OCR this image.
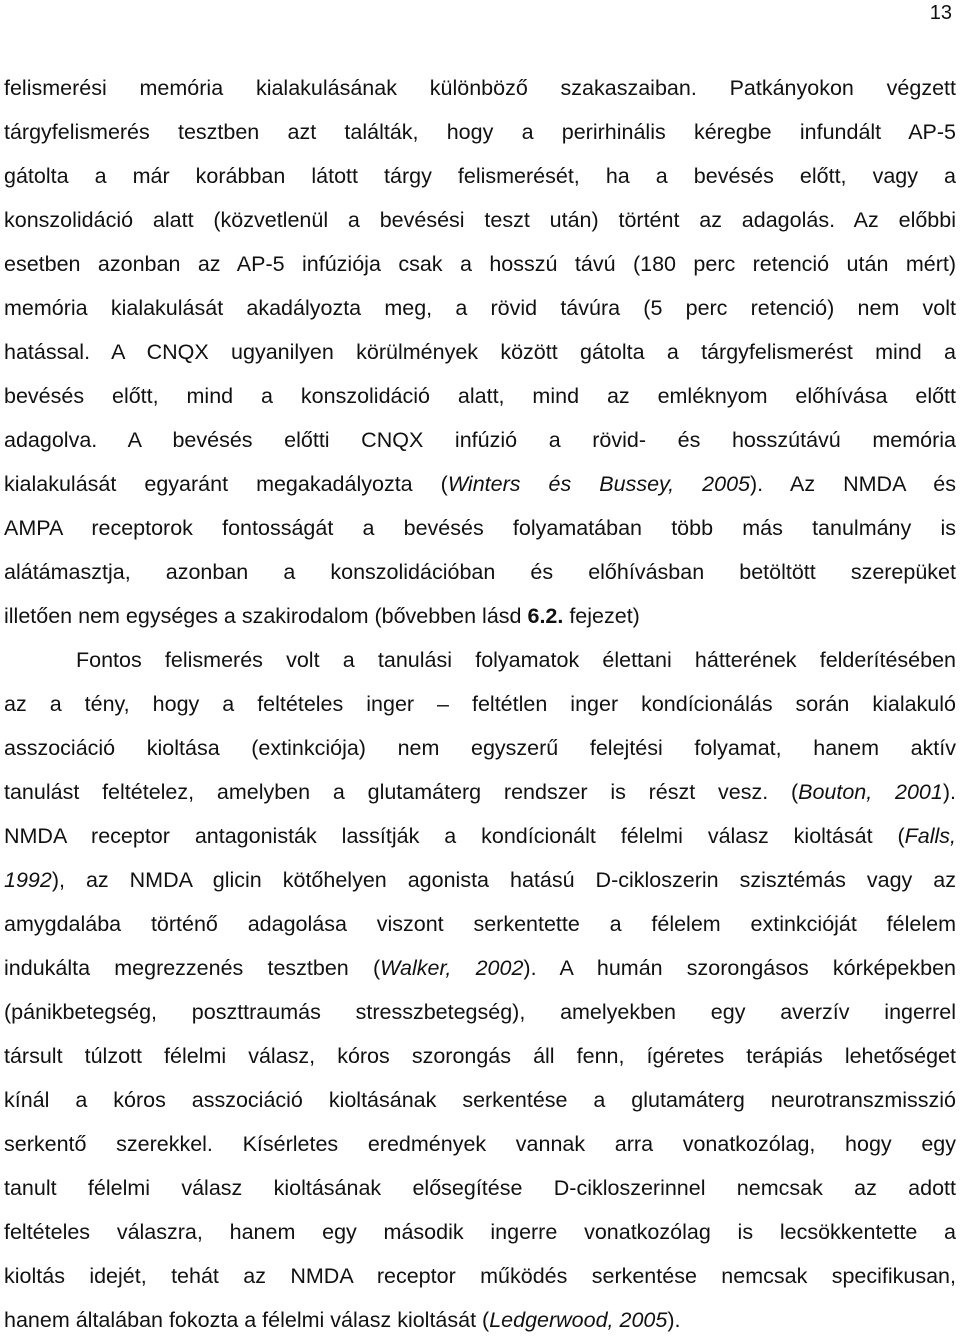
13
felismerési memória kialakulásának különböző szakaszaiban. Patkányokon végzett
tárgyfelismerés tesztben azt találták, hogy a perirhinális kéregbe infundált AP-5
gátolta a már korábban látott tárgy felismerését, ha a bevésés előtt, vagy a
konszolidáció alatt (közvetlenül a bevésési teszt után) történt az adagolás. Az előbbi
esetben azonban az AP-5 infúziója csak a hosszú távú (180 perc retenció után mért)
memória kialakulását akadályozta meg, a rövid távúra (5 perc retenció) nem volt
hatással. A CNQX ugyanilyen körülmények között gátolta a tárgyfelismerést mind a
bevésés előtt, mind a konszolidáció alatt, mind az emléknyom előhívása előtt
adagolva. A bevésés előtti CNQX infúzió a rövid- és hosszútávú memória
kialakulását egyaránt megakadályozta (Winters és Bussey, 2005). Az NMDA és
AMPA receptorok fontosságát a bevésés folyamatában több más tanulmány is
alátámasztja, azonban a konszolidációban és előhívásban betöltött szerepüket
illetően nem egységes a szakirodalom (bővebben lásd 6.2. fejezet)
Fontos felismerés volt a tanulási folyamatok élettani hátterének felderítésében
az a tény, hogy a feltételes inger – feltétlen inger kondícionálás során kialakuló
asszociáció kioltása (extinkciója) nem egyszerű felejtési folyamat, hanem aktív
tanulást feltételez, amelyben a glutamáterg rendszer is részt vesz. (Bouton, 2001).
NMDA receptor antagonisták lassítják a kondícionált félelmi válasz kioltását (Falls,
1992), az NMDA glicin kötőhelyen agonista hatású D-cikloszerin szisztémás vagy az
amygdalába történő adagolása viszont serkentette a félelem extinkcióját félelem
indukálta megrezzenés tesztben (Walker, 2002). A humán szorongásos kórképekben
(pánikbetegség, poszttraumás stresszbetegség), amelyekben egy averzív ingerrel
társult túlzott félelmi válasz, kóros szorongás áll fenn, ígéretes terápiás lehetőséget
kínál a kóros asszociáció kioltásának serkentése a glutamáterg neurotranszmisszió
serkentő szerekkel. Kísérletes eredmények vannak arra vonatkozólag, hogy egy
tanult félelmi válasz kioltásának elősegítése D-cikloszerinnel nemcsak az adott
feltételes válaszra, hanem egy második ingerre vonatkozólag is lecsökkentette a
kioltás idejét, tehát az NMDA receptor működés serkentése nemcsak specifikusan,
hanem általában fokozta a félelmi válasz kioltását (Ledgerwood, 2005).
